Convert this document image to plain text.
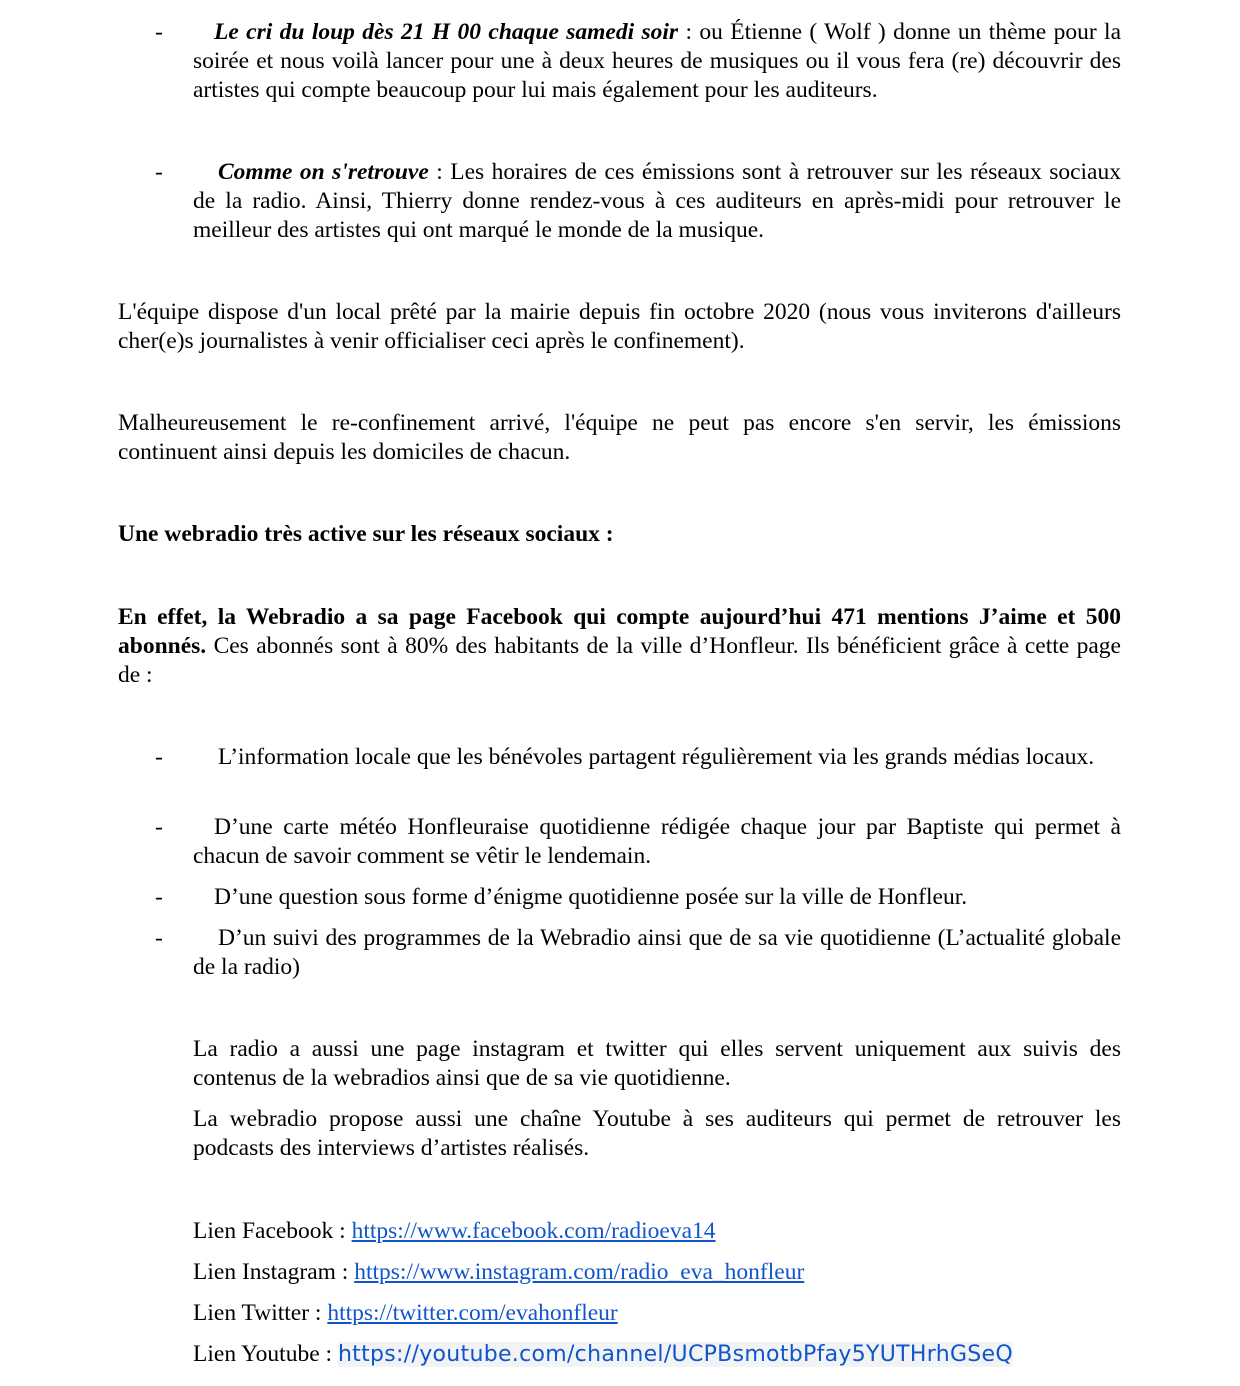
-	Le cri du loup dès 21 H 00 chaque samedi soir : ou Étienne ( Wolf ) donne un thème pour la soirée et nous voilà lancer pour une à deux heures de musiques ou il vous fera (re) découvrir des artistes qui compte beaucoup pour lui mais également pour les auditeurs.

-	Comme on s'retrouve : Les horaires de ces émissions sont à retrouver sur les réseaux sociaux de la radio. Ainsi, Thierry donne rendez-vous à ces auditeurs en après-midi pour retrouver le meilleur des artistes qui ont marqué le monde de la musique.

L'équipe dispose d'un local prêté par la mairie depuis fin octobre 2020 (nous vous inviterons d'ailleurs cher(e)s journalistes à venir officialiser ceci après le confinement).

Malheureusement le re-confinement arrivé, l'équipe ne peut pas encore s'en servir, les émissions continuent ainsi depuis les domiciles de chacun.

Une webradio très active sur les réseaux sociaux :

En effet, la Webradio a sa page Facebook qui compte aujourd’hui 471 mentions J’aime et 500 abonnés. Ces abonnés sont à 80% des habitants de la ville d’Honfleur. Ils bénéficient grâce à cette page de :

-	L’information locale que les bénévoles partagent régulièrement via les grands médias locaux.

-	D’une carte météo Honfleuraise quotidienne rédigée chaque jour par Baptiste qui permet à chacun de savoir comment se vêtir le lendemain.

-	D’une question sous forme d’énigme quotidienne posée sur la ville de Honfleur.

-	D’un suivi des programmes de la Webradio ainsi que de sa vie quotidienne (L’actualité globale de la radio)

La radio a aussi une page instagram et twitter qui elles servent uniquement aux suivis des contenus de la webradios ainsi que de sa vie quotidienne.

La webradio propose aussi une chaîne Youtube à ses auditeurs qui permet de retrouver les podcasts des interviews d’artistes réalisés.

Lien Facebook : https://www.facebook.com/radioeva14

Lien Instagram : https://www.instagram.com/radio_eva_honfleur

Lien Twitter : https://twitter.com/evahonfleur

Lien Youtube : https://youtube.com/channel/UCPBsmotbPfay5YUTHrhGSeQ
